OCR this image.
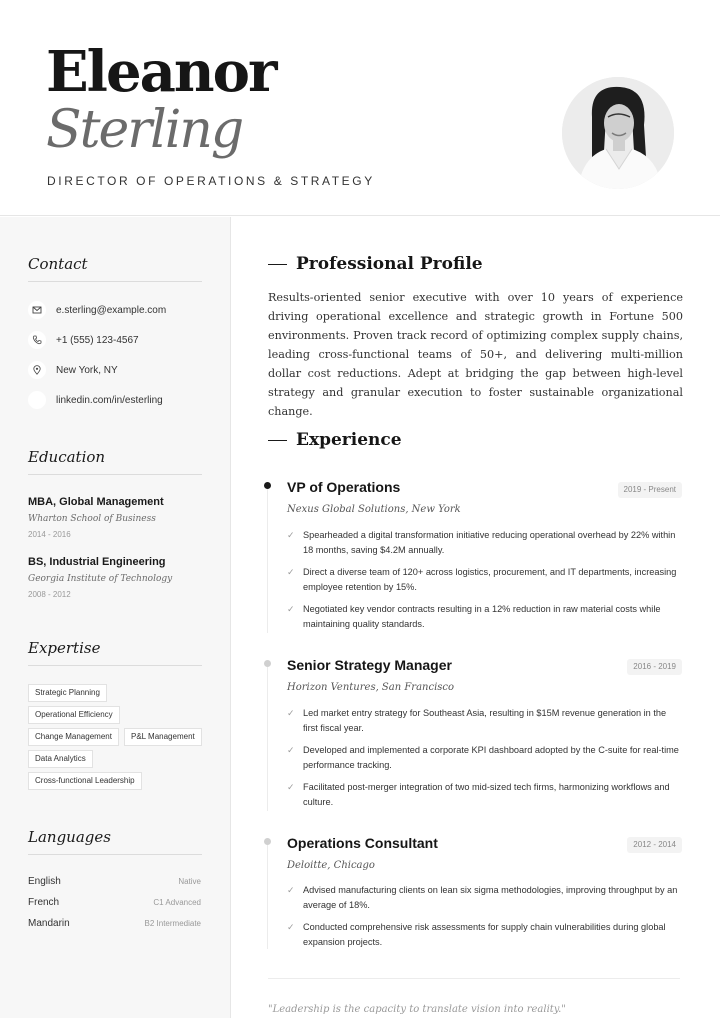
Eleanor
Sterling
DIRECTOR OF OPERATIONS & STRATEGY
Contact
e.sterling@example.com
+1 (555) 123-4567
New York, NY
linkedin.com/in/esterling
Education
MBA, Global Management
Wharton School of Business
2014 - 2016
BS, Industrial Engineering
Georgia Institute of Technology
2008 - 2012
Expertise
Strategic Planning
Operational Efficiency
Change Management	P&L Management
Data Analytics
Cross-functional Leadership
Languages
English	Native
French	C1 Advanced
Mandarin	B2 Intermediate
Professional Profile
Results-oriented senior executive with over 10 years of experience driving operational excellence and strategic growth in Fortune 500 environments. Proven track record of optimizing complex supply chains, leading cross-functional teams of 50+, and delivering multi-million dollar cost reductions. Adept at bridging the gap between high-level strategy and granular execution to foster sustainable organizational change.
Experience
VP of Operations	2019 - Present
Nexus Global Solutions, New York
✓ Spearheaded a digital transformation initiative reducing operational overhead by 22% within 18 months, saving $4.2M annually.
✓ Direct a diverse team of 120+ across logistics, procurement, and IT departments, increasing employee retention by 15%.
✓ Negotiated key vendor contracts resulting in a 12% reduction in raw material costs while maintaining quality standards.
Senior Strategy Manager	2016 - 2019
Horizon Ventures, San Francisco
✓ Led market entry strategy for Southeast Asia, resulting in $15M revenue generation in the first fiscal year.
✓ Developed and implemented a corporate KPI dashboard adopted by the C-suite for real-time performance tracking.
✓ Facilitated post-merger integration of two mid-sized tech firms, harmonizing workflows and culture.
Operations Consultant	2012 - 2014
Deloitte, Chicago
✓ Advised manufacturing clients on lean six sigma methodologies, improving throughput by an average of 18%.
✓ Conducted comprehensive risk assessments for supply chain vulnerabilities during global expansion projects.
"Leadership is the capacity to translate vision into reality."
